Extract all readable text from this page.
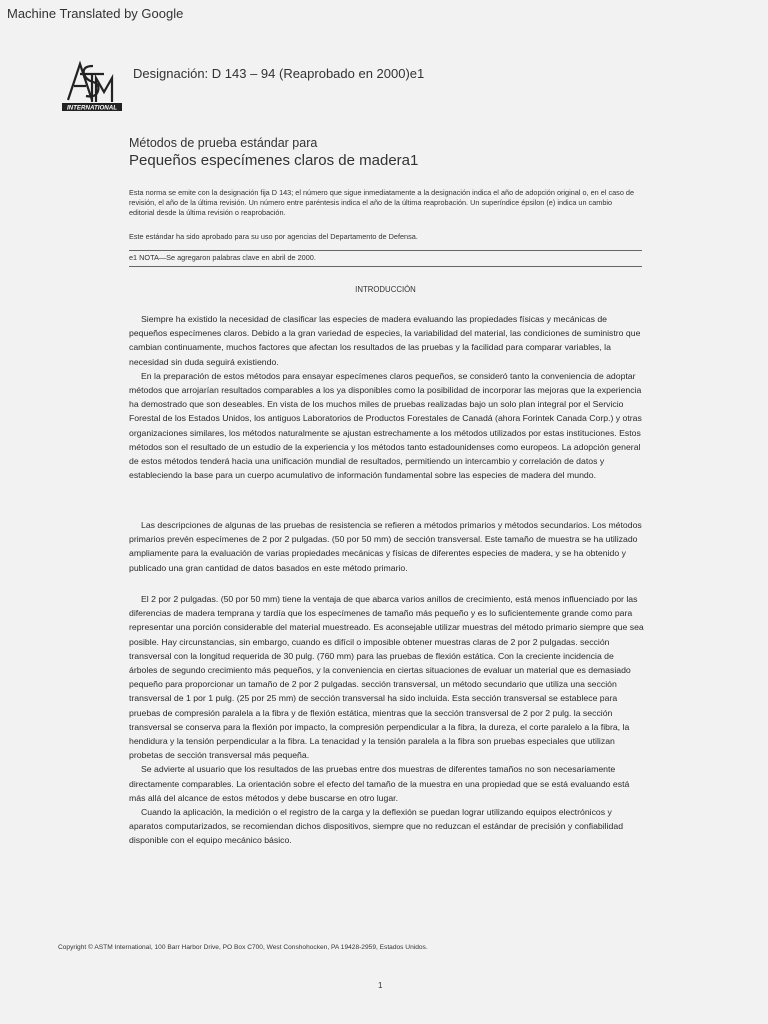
Machine Translated by Google
INTERNATIONAL
Designación: D 143 – 94 (Reaprobado en 2000)e1
Métodos de prueba estándar para
Pequeños especímenes claros de madera1
Esta norma se emite con la designación fija D 143; el número que sigue inmediatamente a la designación indica el año de adopción original o, en el caso de revisión, el año de la última revisión. Un número entre paréntesis indica el año de la última reaprobación. Un superíndice épsilon (e) indica un cambio editorial desde la última revisión o reaprobación.
Este estándar ha sido aprobado para su uso por agencias del Departamento de Defensa.
e1 NOTA—Se agregaron palabras clave en abril de 2000.
INTRODUCCIÓN

Siempre ha existido la necesidad de clasificar las especies de madera evaluando las propiedades físicas y mecánicas de pequeños especímenes claros. Debido a la gran variedad de especies, la variabilidad del material, las condiciones de suministro que cambian continuamente, muchos factores que afectan los resultados de las pruebas y la facilidad para comparar variables, la necesidad sin duda seguirá existiendo.

En la preparación de estos métodos para ensayar especímenes claros pequeños, se consideró tanto la conveniencia de adoptar métodos que arrojarían resultados comparables a los ya disponibles como la posibilidad de incorporar las mejoras que la experiencia ha demostrado que son deseables. En vista de los muchos miles de pruebas realizadas bajo un solo plan integral por el Servicio Forestal de los Estados Unidos, los antiguos Laboratorios de Productos Forestales de Canadá (ahora Forintek Canada Corp.) y otras organizaciones similares, los métodos naturalmente se ajustan estrechamente a los métodos utilizados por estas instituciones. Estos métodos son el resultado de un estudio de la experiencia y los métodos tanto estadounidenses como europeos. La adopción general de estos métodos tenderá hacia una unificación mundial de resultados, permitiendo un intercambio y correlación de datos y estableciendo la base para un cuerpo acumulativo de información fundamental sobre las especies de madera del mundo.

Las descripciones de algunas de las pruebas de resistencia se refieren a métodos primarios y métodos secundarios. Los métodos primarios prevén especímenes de 2 por 2 pulgadas. (50 por 50 mm) de sección transversal. Este tamaño de muestra se ha utilizado ampliamente para la evaluación de varias propiedades mecánicas y físicas de diferentes especies de madera, y se ha obtenido y publicado una gran cantidad de datos basados en este método primario.

El 2 por 2 pulgadas. (50 por 50 mm) tiene la ventaja de que abarca varios anillos de crecimiento, está menos influenciado por las diferencias de madera temprana y tardía que los especímenes de tamaño más pequeño y es lo suficientemente grande como para representar una porción considerable del material muestreado. Es aconsejable utilizar muestras del método primario siempre que sea posible. Hay circunstancias, sin embargo, cuando es difícil o imposible obtener muestras claras de 2 por 2 pulgadas. sección transversal con la longitud requerida de 30 pulg. (760 mm) para las pruebas de flexión estática. Con la creciente incidencia de árboles de segundo crecimiento más pequeños, y la conveniencia en ciertas situaciones de evaluar un material que es demasiado pequeño para proporcionar un tamaño de 2 por 2 pulgadas. sección transversal, un método secundario que utiliza una sección transversal de 1 por 1 pulg. (25 por 25 mm) de sección transversal ha sido incluida. Esta sección transversal se establece para pruebas de compresión paralela a la fibra y de flexión estática, mientras que la sección transversal de 2 por 2 pulg. la sección transversal se conserva para la flexión por impacto, la compresión perpendicular a la fibra, la dureza, el corte paralelo a la fibra, la hendidura y la tensión perpendicular a la fibra. La tenacidad y la tensión paralela a la fibra son pruebas especiales que utilizan probetas de sección transversal más pequeña.

Se advierte al usuario que los resultados de las pruebas entre dos muestras de diferentes tamaños no son necesariamente directamente comparables. La orientación sobre el efecto del tamaño de la muestra en una propiedad que se está evaluando está más allá del alcance de estos métodos y debe buscarse en otro lugar.

Cuando la aplicación, la medición o el registro de la carga y la deflexión se puedan lograr utilizando equipos electrónicos y aparatos computarizados, se recomiendan dichos dispositivos, siempre que no reduzcan el estándar de precisión y confiabilidad disponible con el equipo mecánico básico.

Copyright © ASTM International, 100 Barr Harbor Drive, PO Box C700, West Conshohocken, PA 19428-2959, Estados Unidos.
1
